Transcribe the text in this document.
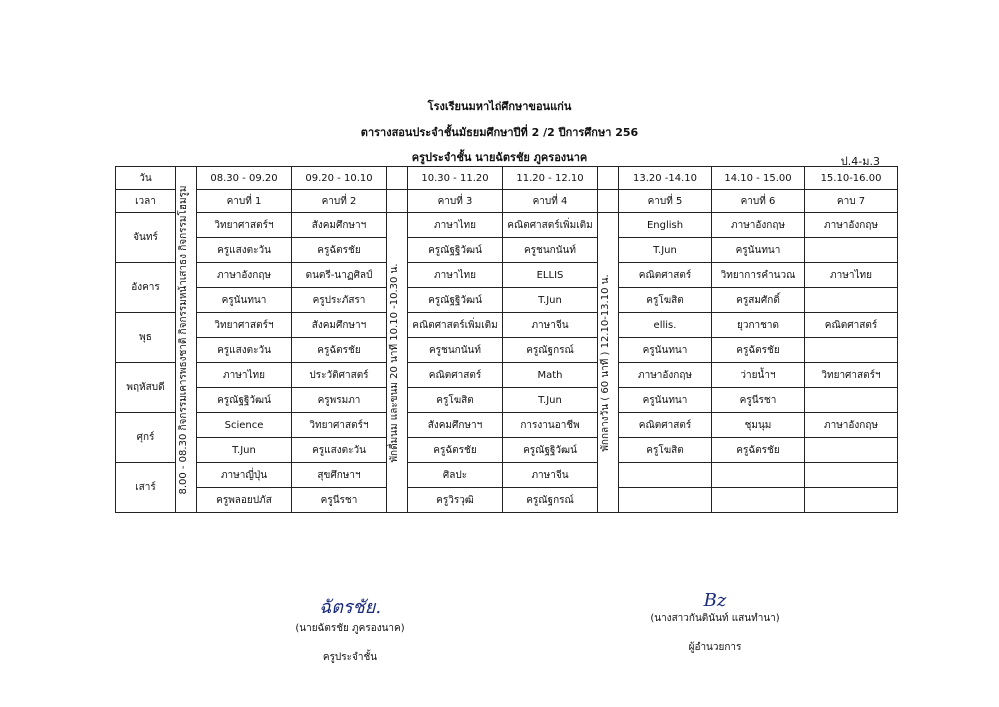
โรงเรียนมหาไถ่ศึกษาขอนแก่น
ตารางสอนประจำชั้นมัธยมศึกษาปีที่ 2 /2 ปีการศึกษา 256
ครูประจำชั้น นายฉัตรชัย ภูครองนาค	ป.4-ม.3
วัน	8.00 - 08.30 กิจกรรมเคารพธงชาติ กิจกรรมหน้าเสาธง กิจกรรมโฮมรูม	08.30 - 09.20	09.20 - 10.10		10.30 - 11.20	11.20 - 12.10		13.20 -14.10	14.10 - 15.00	15.10-16.00
เวลา		คาบที่ 1	คาบที่ 2		คาบที่ 3	คาบที่ 4		คาบที่ 5	คาบที่ 6	คาบ 7
จันทร์		วิทยาศาสตร์ฯ	สังคมศึกษาฯ	พักดื่มนม และขนม 20 นาที 10.10 -10.30 น.	ภาษาไทย	คณิตศาสตร์เพิ่มเติม	พักกลางวัน ( 60 นาที ) 12.10-13.10 น.	English	ภาษาอังกฤษ	ภาษาอังกฤษ
		ครูแสงตะวัน	ครูฉัตรชัย		ครูณัฐฐิวัฒน์	ครูชนกนันท์		T.Jun	ครูนันทนา	
อังคาร		ภาษาอังกฤษ	ดนตรี-นาฏศิลป์		ภาษาไทย	ELLIS		คณิตศาสตร์	วิทยาการคำนวณ	ภาษาไทย
		ครูนันทนา	ครูประภัสรา		ครูณัฐฐิวัฒน์	T.Jun		ครูโฆสิต	ครูสมศักดิ์	
พุธ		วิทยาศาสตร์ฯ	สังคมศึกษาฯ		คณิตศาสตร์เพิ่มเติม	ภาษาจีน		ellis.	ยุวกาชาด	คณิตศาสตร์
		ครูแสงตะวัน	ครูฉัตรชัย		ครูชนกนันท์	ครูณัฐกรณ์		ครูนันทนา	ครูฉัตรชัย	
พฤหัสบดี		ภาษาไทย	ประวัติศาสตร์		คณิตศาสตร์	Math		ภาษาอังกฤษ	ว่ายน้ำฯ	วิทยาศาสตร์ฯ
		ครูณัฐฐิวัฒน์	ครูพรมภา		ครูโฆสิต	T.Jun		ครูนันทนา	ครูนีรชา	
ศุกร์		Science	วิทยาศาสตร์ฯ		สังคมศึกษาฯ	การงานอาชีพ		คณิตศาสตร์	ชุมนุม	ภาษาอังกฤษ
		T.Jun	ครูแสงตะวัน		ครูฉัตรชัย	ครูณัฐฐิวัฒน์		ครูโฆสิต	ครูฉัตรชัย	
เสาร์		ภาษาญี่ปุ่น	สุขศึกษาฯ		ศิลปะ	ภาษาจีน				
		ครูพลอยปภัส	ครูนีรชา		ครูวิรวุฒิ	ครูณัฐกรณ์				
ฉัตรชัย.
(นายฉัตรชัย ภูครองนาค)
ครูประจำชั้น
Bz
(นางสาวกันตินันท์ แสนทำนา)
ผู้อำนวยการ
